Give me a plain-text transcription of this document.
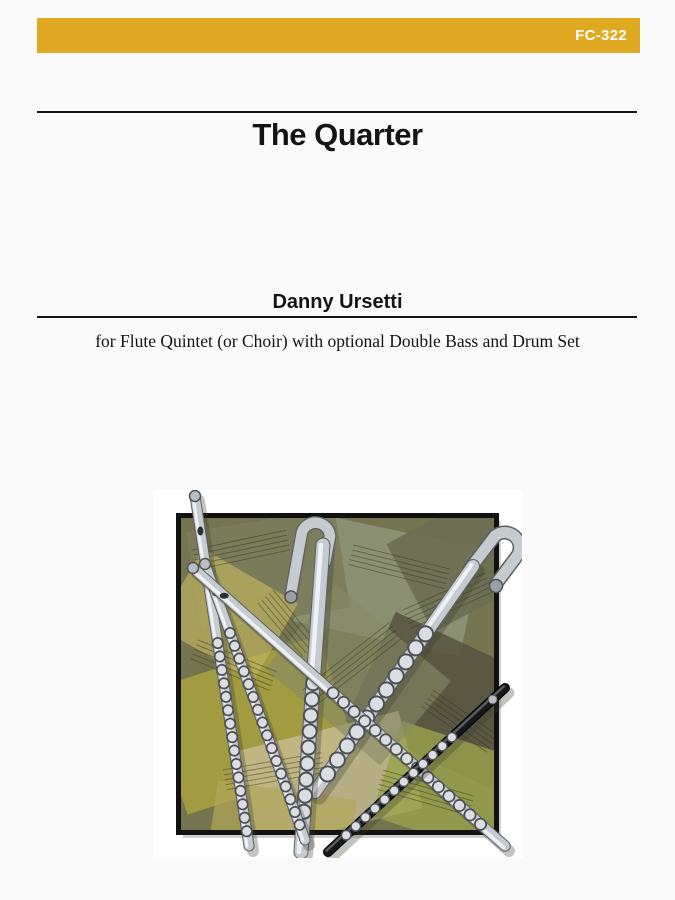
FC-322
The Quarter
Danny Ursetti
for Flute Quintet (or Choir) with optional Double Bass and Drum Set
